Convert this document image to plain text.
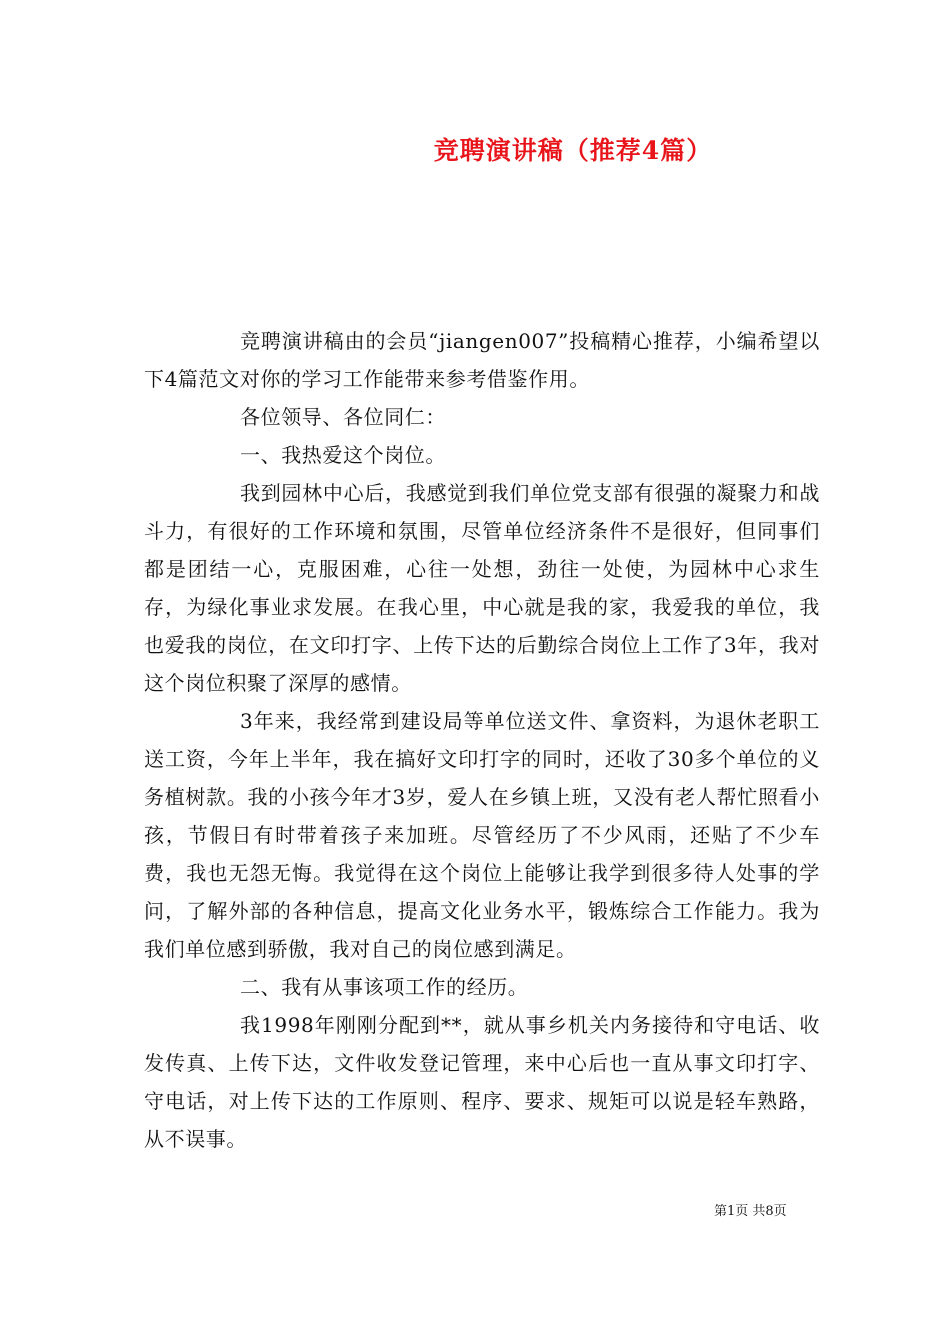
竞聘演讲稿（推荐4篇）

竞聘演讲稿由的会员“jiangen007”投稿精心推荐，小编希望以下4篇范文对你的学习工作能带来参考借鉴作用。

各位领导、各位同仁：

一、我热爱这个岗位。

我到园林中心后，我感觉到我们单位党支部有很强的凝聚力和战斗力，有很好的工作环境和氛围，尽管单位经济条件不是很好，但同事们都是团结一心，克服困难，心往一处想，劲往一处使，为园林中心求生存，为绿化事业求发展。在我心里，中心就是我的家，我爱我的单位，我也爱我的岗位，在文印打字、上传下达的后勤综合岗位上工作了3年，我对这个岗位积聚了深厚的感情。

3年来，我经常到建设局等单位送文件、拿资料，为退休老职工送工资，今年上半年，我在搞好文印打字的同时，还收了30多个单位的义务植树款。我的小孩今年才3岁，爱人在乡镇上班，又没有老人帮忙照看小孩，节假日有时带着孩子来加班。尽管经历了不少风雨，还贴了不少车费，我也无怨无悔。我觉得在这个岗位上能够让我学到很多待人处事的学问，了解外部的各种信息，提高文化业务水平，锻炼综合工作能力。我为我们单位感到骄傲，我对自己的岗位感到满足。

二、我有从事该项工作的经历。

我1998年刚刚分配到**，就从事乡机关内务接待和守电话、收发传真、上传下达，文件收发登记管理，来中心后也一直从事文印打字、守电话，对上传下达的工作原则、程序、要求、规矩可以说是轻车熟路，从不误事。

第1页 共8页
